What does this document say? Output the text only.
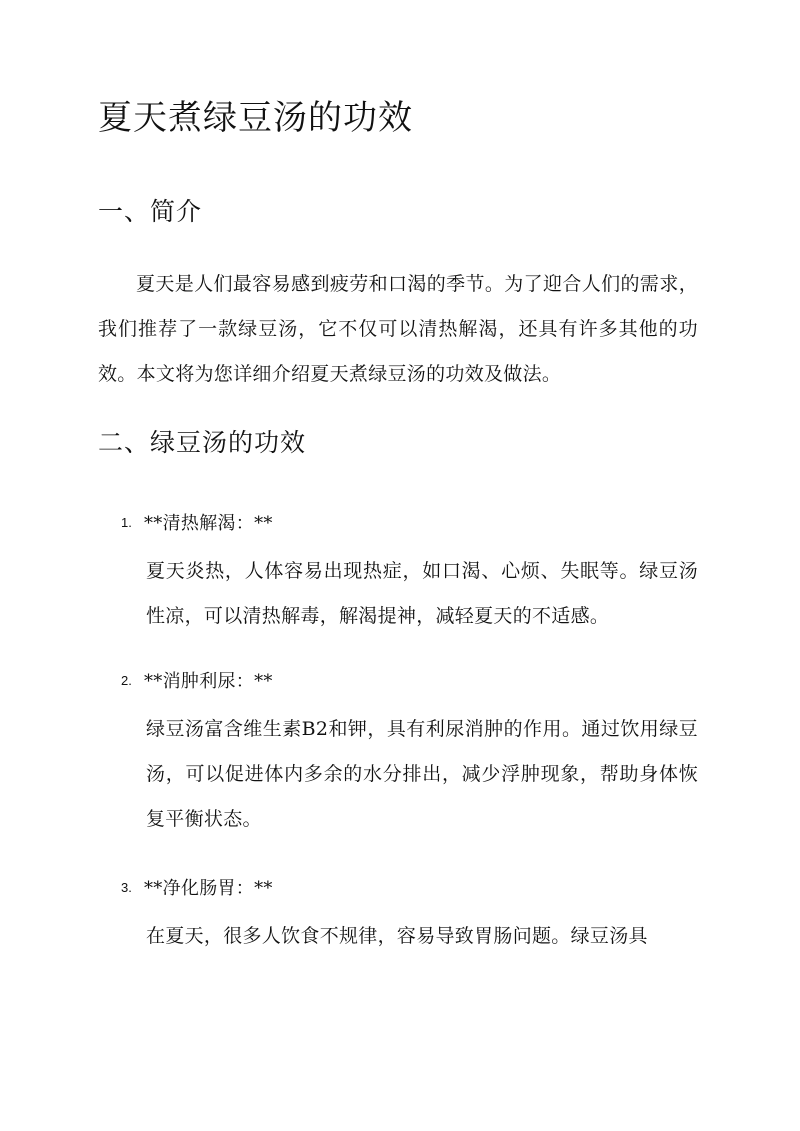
夏天煮绿豆汤的功效
一、简介

夏天是人们最容易感到疲劳和口渴的季节。为了迎合人们的需求，我们推荐了一款绿豆汤，它不仅可以清热解渴，还具有许多其他的功效。本文将为您详细介绍夏天煮绿豆汤的功效及做法。

二、绿豆汤的功效
1. **清热解渴：**
夏天炎热，人体容易出现热症，如口渴、心烦、失眠等。绿豆汤性凉，可以清热解毒，解渴提神，减轻夏天的不适感。
2. **消肿利尿：**
绿豆汤富含维生素B2和钾，具有利尿消肿的作用。通过饮用绿豆汤，可以促进体内多余的水分排出，减少浮肿现象，帮助身体恢复平衡状态。
3. **净化肠胃：**
在夏天，很多人饮食不规律，容易导致胃肠问题。绿豆汤具
